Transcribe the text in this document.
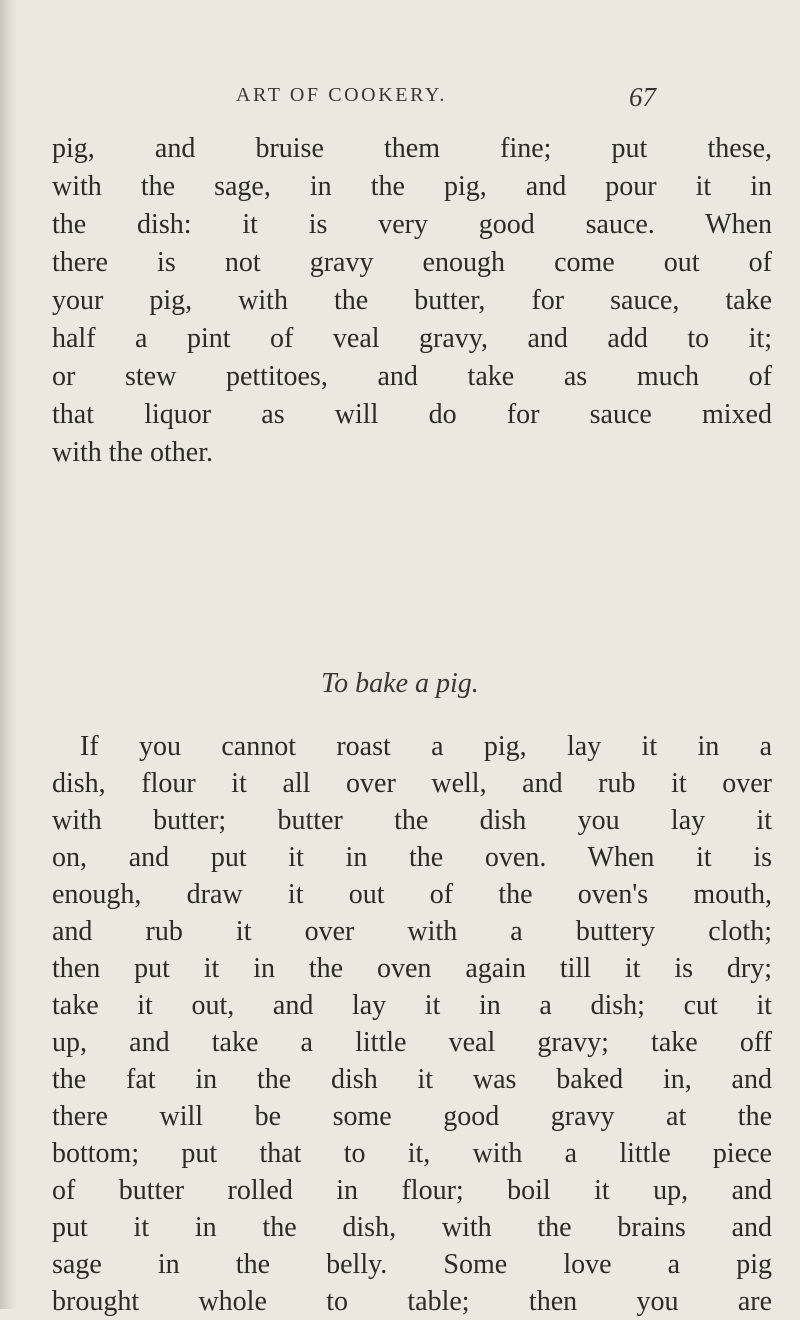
ART OF COOKERY.	67
pig, and bruise them fine; put these,
with the sage, in the pig, and pour it in
the dish: it is very good sauce. When
there is not gravy enough come out of
your pig, with the butter, for sauce, take
half a pint of veal gravy, and add to it;
or stew pettitoes, and take as much of
that liquor as will do for sauce mixed
with the other.
To bake a pig.
If you cannot roast a pig, lay it in a
dish, flour it all over well, and rub it over
with butter; butter the dish you lay it
on, and put it in the oven. When it is
enough, draw it out of the oven's mouth,
and rub it over with a buttery cloth;
then put it in the oven again till it is dry;
take it out, and lay it in a dish; cut it
up, and take a little veal gravy; take off
the fat in the dish it was baked in, and
there will be some good gravy at the
bottom; put that to it, with a little piece
of butter rolled in flour; boil it up, and
put it in the dish, with the brains and
sage in the belly. Some love a pig
brought whole to table; then you are
